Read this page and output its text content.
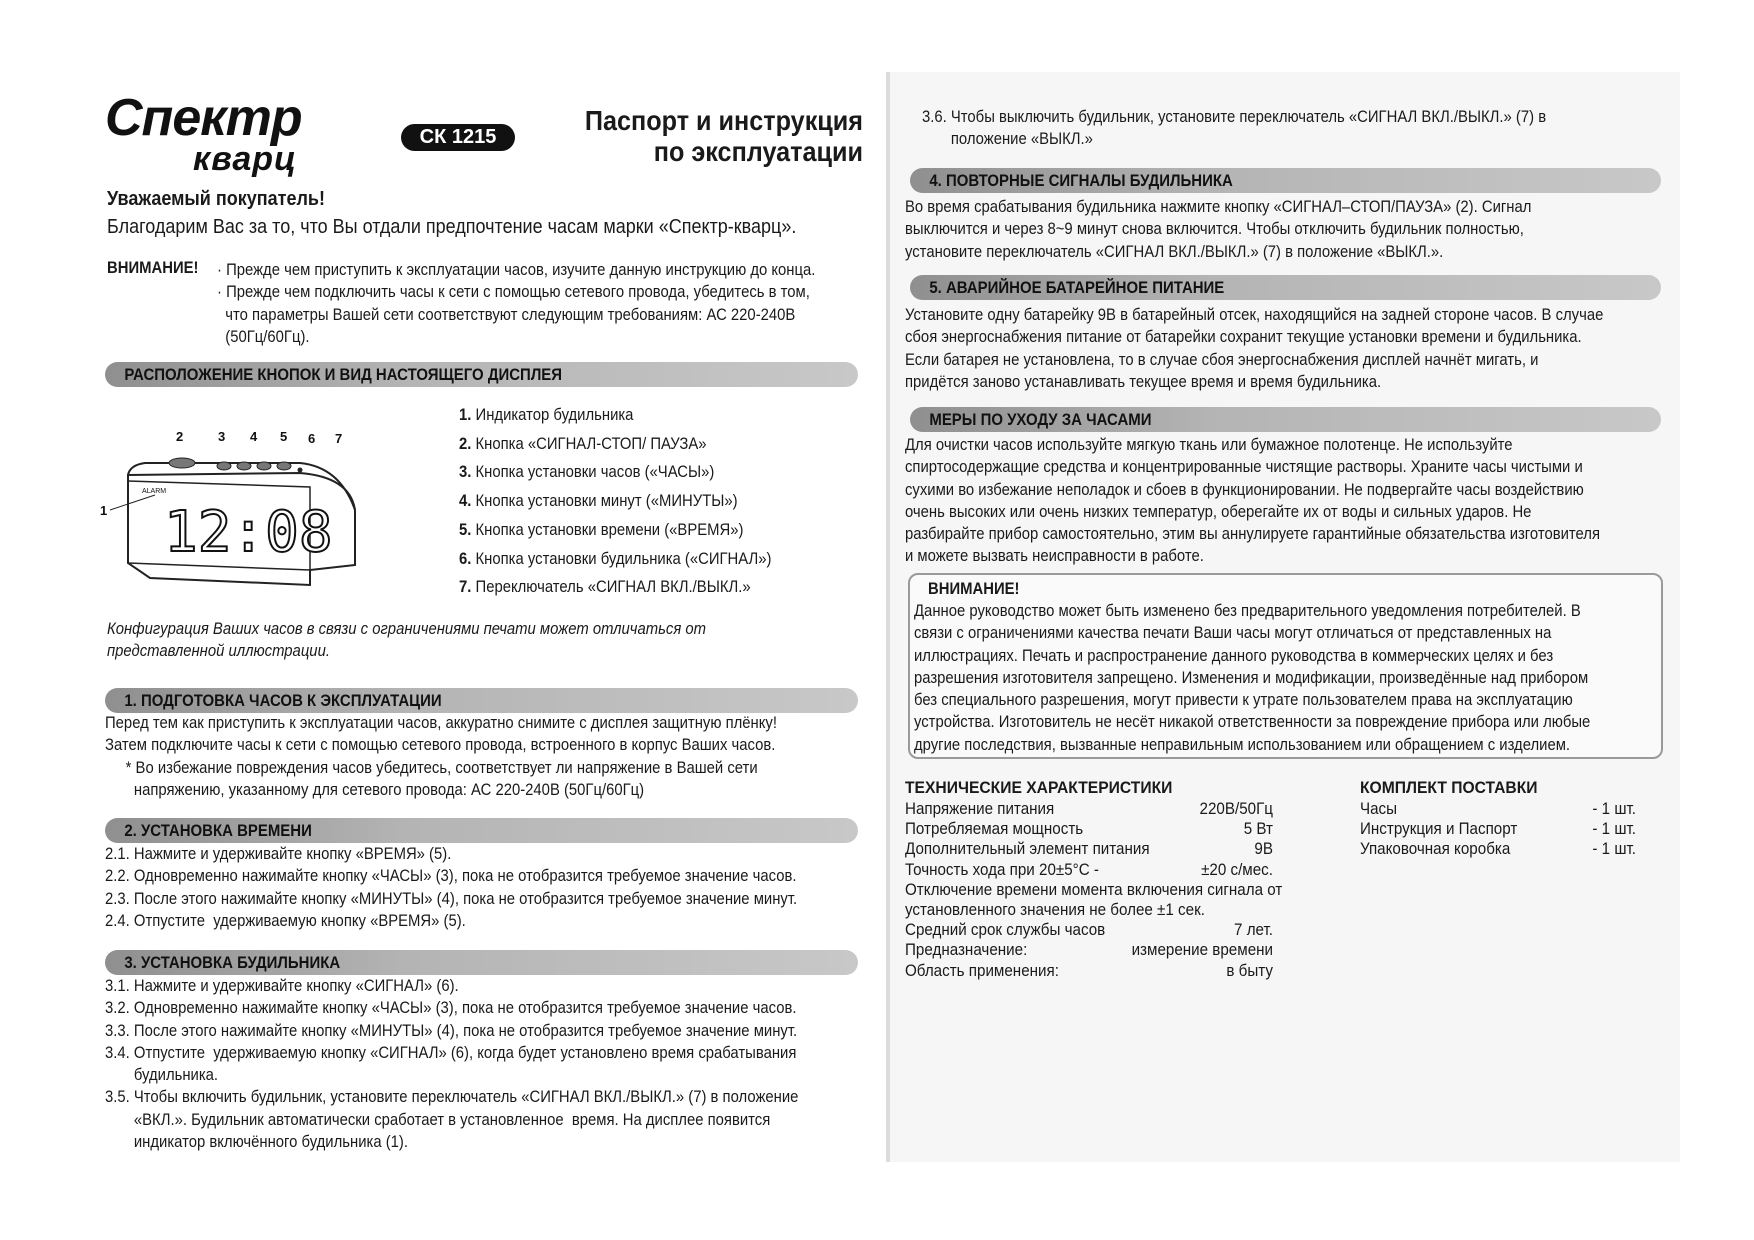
Спектр
кварц
СК 1215
Паспорт и инструкция
по эксплуатации
Уважаемый покупатель!
Благодарим Вас за то, что Вы отдали предпочтение часам марки «Спектр-кварц».
ВНИМАНИЕ! · Прежде чем приступить к эксплуатации часов, изучите данную инструкцию до конца.
· Прежде чем подключить часы к сети с помощью сетевого провода, убедитесь в том,
что параметры Вашей сети соответствуют следующим требованиям: АС 220-240В
(50Гц/60Гц).
РАСПОЛОЖЕНИЕ КНОПОК И ВИД НАСТОЯЩЕГО ДИСПЛЕЯ
1
2	3 4 5 6 7
ALARM
12:08
1. Индикатор будильника
2. Кнопка «СИГНАЛ-СТОП/ ПАУЗА»
3. Кнопка установки часов («ЧАСЫ»)
4. Кнопка установки минут («МИНУТЫ»)
5. Кнопка установки времени («ВРЕМЯ»)
6. Кнопка установки будильника («СИГНАЛ»)
7. Переключатель «СИГНАЛ ВКЛ./ВЫКЛ.»
Конфигурация Ваших часов в связи с ограничениями печати может отличаться от
представленной иллюстрации.
1. ПОДГОТОВКА ЧАСОВ К ЭКСПЛУАТАЦИИ
Перед тем как приступить к эксплуатации часов, аккуратно снимите с дисплея защитную плёнку!
Затем подключите часы к сети с помощью сетевого провода, встроенного в корпус Ваших часов.
* Во избежание повреждения часов убедитесь, соответствует ли напряжение в Вашей сети
напряжению, указанному для сетевого провода: АС 220-240В (50Гц/60Гц)
2. УСТАНОВКА ВРЕМЕНИ
2.1. Нажмите и удерживайте кнопку «ВРЕМЯ» (5).
2.2. Одновременно нажимайте кнопку «ЧАСЫ» (3), пока не отобразится требуемое значение часов.
2.3. После этого нажимайте кнопку «МИНУТЫ» (4), пока не отобразится требуемое значение минут.
2.4. Отпустите  удерживаемую кнопку «ВРЕМЯ» (5).
3. УСТАНОВКА БУДИЛЬНИКА
3.1. Нажмите и удерживайте кнопку «СИГНАЛ» (6).
3.2. Одновременно нажимайте кнопку «ЧАСЫ» (3), пока не отобразится требуемое значение часов.
3.3. После этого нажимайте кнопку «МИНУТЫ» (4), пока не отобразится требуемое значение минут.
3.4. Отпустите  удерживаемую кнопку «СИГНАЛ» (6), когда будет установлено время срабатывания
будильника.
3.5. Чтобы включить будильник, установите переключатель «СИГНАЛ ВКЛ./ВЫКЛ.» (7) в положение
«ВКЛ.». Будильник автоматически сработает в установленное  время. На дисплее появится
индикатор включённого будильника (1).
3.6. Чтобы выключить будильник, установите переключатель «СИГНАЛ ВКЛ./ВЫКЛ.» (7) в
положение «ВЫКЛ.»
4. ПОВТОРНЫЕ СИГНАЛЫ БУДИЛЬНИКА
Во время срабатывания будильника нажмите кнопку «СИГНАЛ–СТОП/ПАУЗА» (2). Сигнал
выключится и через 8~9 минут снова включится. Чтобы отключить будильник полностью,
установите переключатель «СИГНАЛ ВКЛ./ВЫКЛ.» (7) в положение «ВЫКЛ.».
5. АВАРИЙНОЕ БАТАРЕЙНОЕ ПИТАНИЕ
Установите одну батарейку 9В в батарейный отсек, находящийся на задней стороне часов. В случае
сбоя энергоснабжения питание от батарейки сохранит текущие установки времени и будильника.
Если батарея не установлена, то в случае сбоя энергоснабжения дисплей начнёт мигать, и
придётся заново устанавливать текущее время и время будильника.
МЕРЫ ПО УХОДУ ЗА ЧАСАМИ
Для очистки часов используйте мягкую ткань или бумажное полотенце. Не используйте
спиртосодержащие средства и концентрированные чистящие растворы. Храните часы чистыми и
сухими во избежание неполадок и сбоев в функционировании. Не подвергайте часы воздействию
очень высоких или очень низких температур, оберегайте их от воды и сильных ударов. Не
разбирайте прибор самостоятельно, этим вы аннулируете гарантийные обязательства изготовителя
и можете вызвать неисправности в работе.
ВНИМАНИЕ!
Данное руководство может быть изменено без предварительного уведомления потребителей. В
связи с ограничениями качества печати Ваши часы могут отличаться от представленных на
иллюстрациях. Печать и распространение данного руководства в коммерческих целях и без
разрешения изготовителя запрещено. Изменения и модификации, произведённые над прибором
без специального разрешения, могут привести к утрате пользователем права на эксплуатацию
устройства. Изготовитель не несёт никакой ответственности за повреждение прибора или любые
другие последствия, вызванные неправильным использованием или обращением с изделием.
ТЕХНИЧЕСКИЕ ХАРАКТЕРИСТИКИ
Напряжение питания	220В/50Гц
Потребляемая мощность	5 Вт
Дополнительный элемент питания	9В
Точность хода при 20±5°С -	±20 с/мес.
Отключение времени момента включения сигнала от
установленного значения не более ±1 сек.
Средний срок службы часов	7 лет.
Предназначение:	измерение времени
Область применения:	в быту
КОМПЛЕКТ ПОСТАВКИ
Часы	- 1 шт.
Инструкция и Паспорт	- 1 шт.
Упаковочная коробка	- 1 шт.
